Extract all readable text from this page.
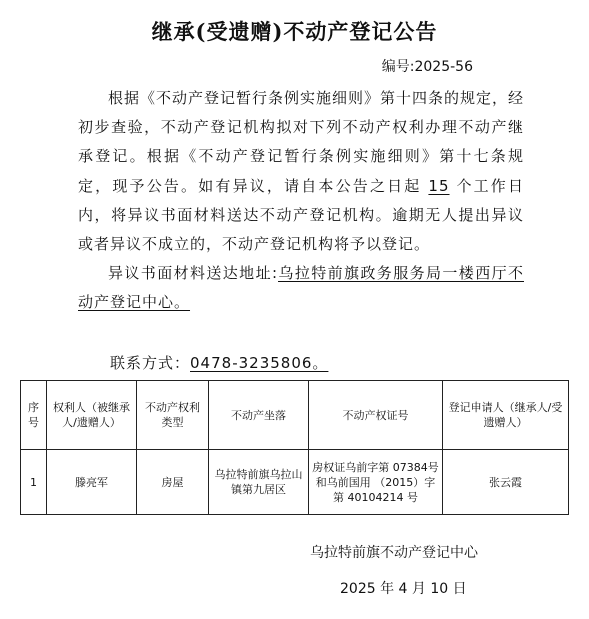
继承(受遗赠)不动产登记公告
编号:2025-56

根据《不动产登记暂行条例实施细则》第十四条的规定，经初步查验，不动产登记机构拟对下列不动产权利办理不动产继承登记。根据《不动产登记暂行条例实施细则》第十七条规定，现予公告。如有异议，请自本公告之日起 15 个工作日内，将异议书面材料送达不动产登记机构。逾期无人提出异议或者异议不成立的，不动产登记机构将予以登记。

异议书面材料送达地址:乌拉特前旗政务服务局一楼西厅不动产登记中心。

联系方式：0478-3235806。
序号	权利人（被继承人/遗赠人）	不动产权利类型	不动产坐落	不动产权证号	登记申请人（继承人/受遗赠人）
1	滕亮军	房屋	乌拉特前旗乌拉山镇第九居区	房权证乌前字第 07384号和乌前国用 （2015）字第 40104214 号	张云霞
乌拉特前旗不动产登记中心
2025 年 4 月 10 日
